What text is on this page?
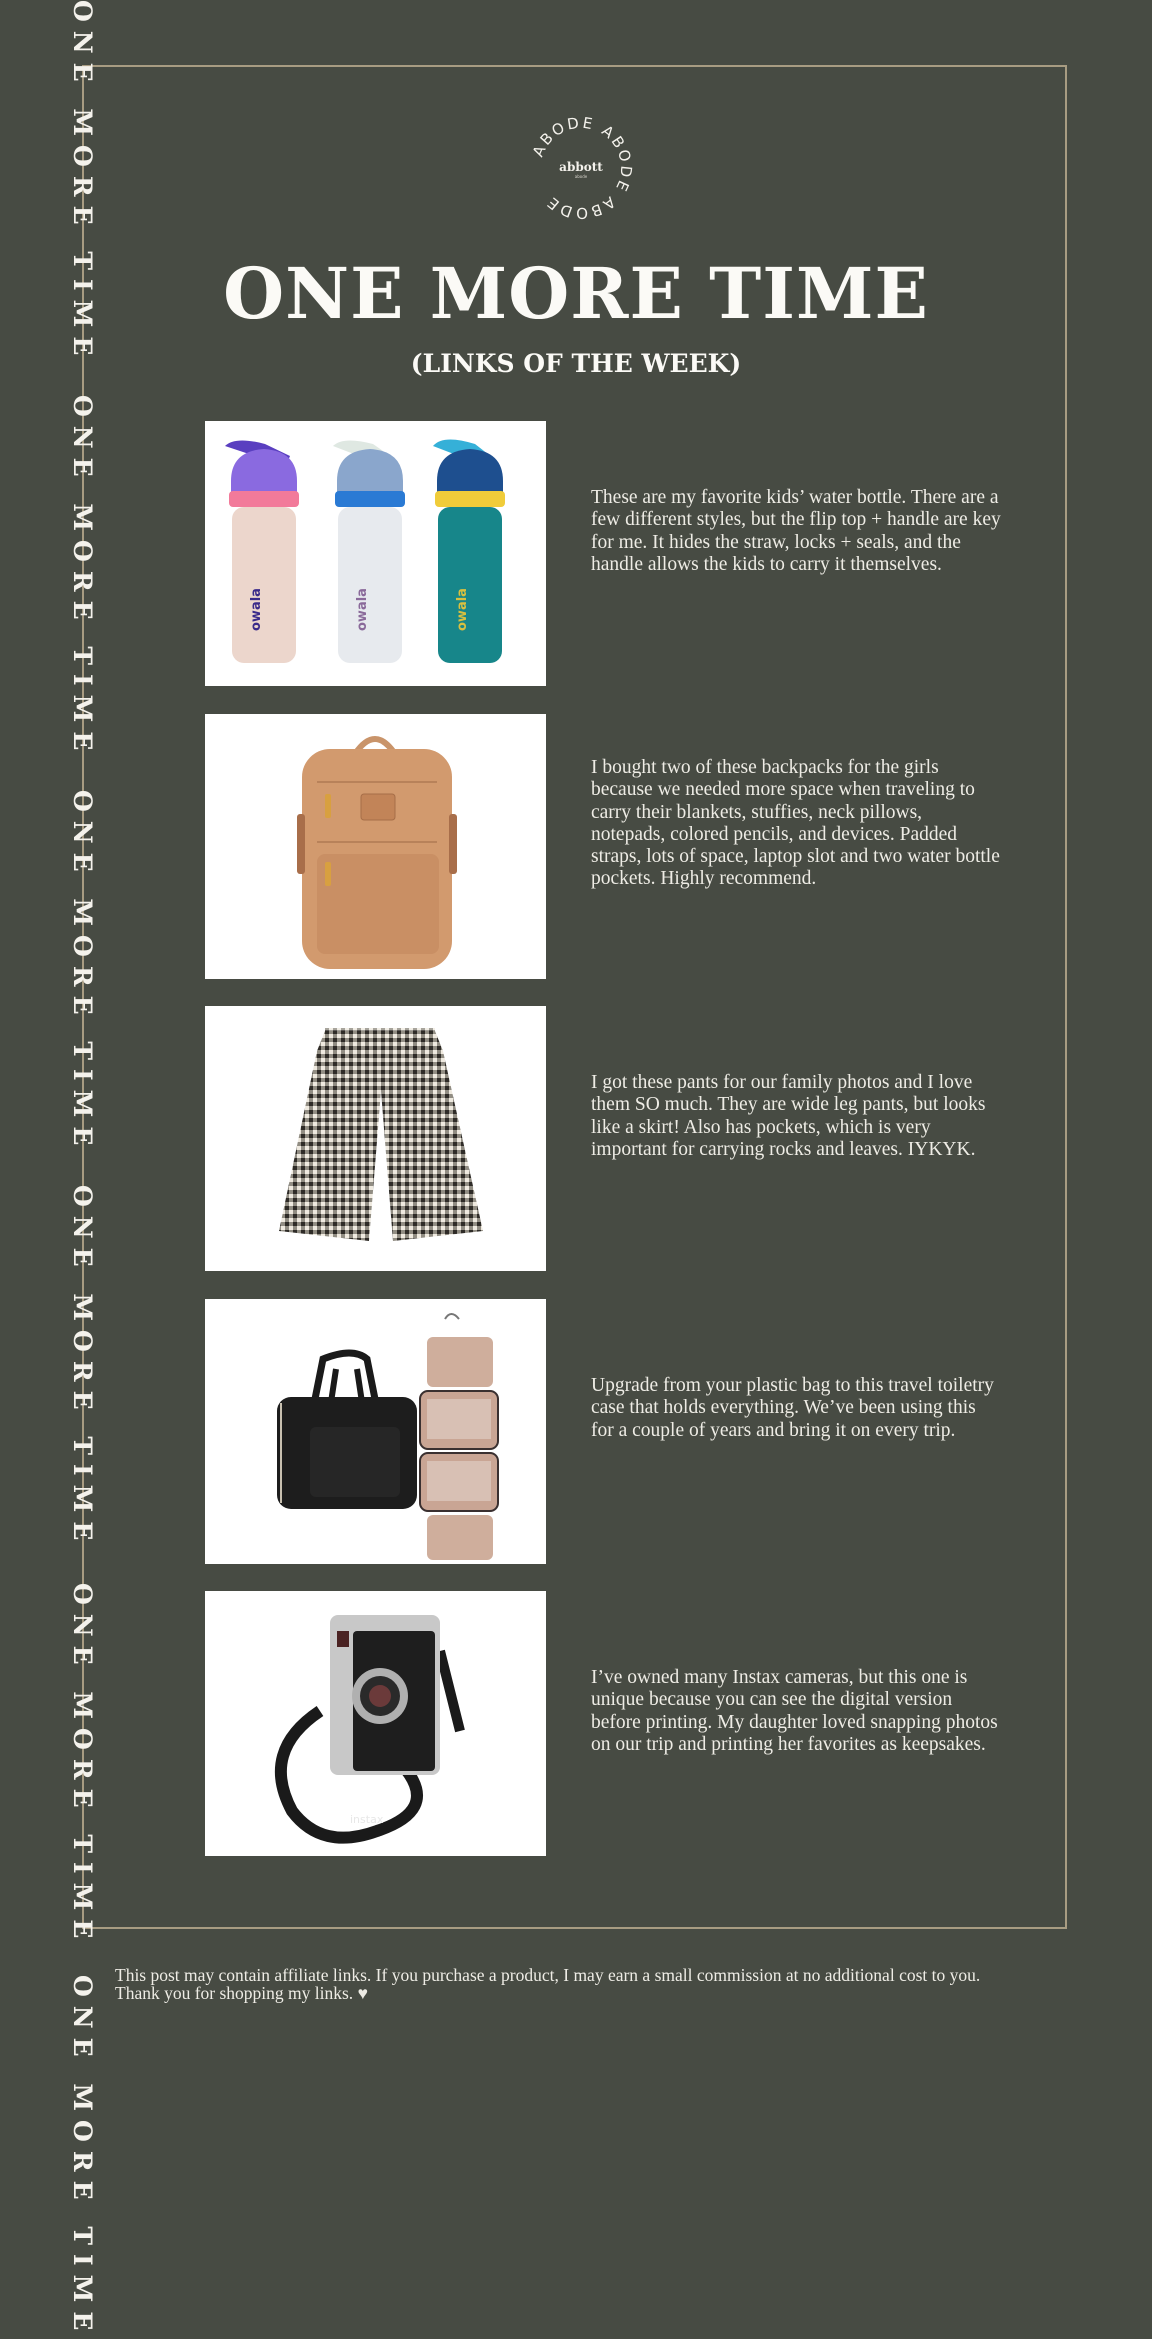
ONE MORE TIME
ONE MORE TIME
ONE MORE TIME
ONE MORE TIME
ONE MORE TIME
ONE MORE TIME
ABODE ABODE ABODE
abbott
abode
ONE MORE TIME
(LINKS OF THE WEEK)
owala	owala	owala
These are my favorite kids’ water bottle. There are a few different styles, but the flip top + handle are key for me. It hides the straw, locks + seals, and the handle allows the kids to carry it themselves.
I bought two of these backpacks for the girls because we needed more space when traveling to carry their blankets, stuffies, neck pillows, notepads, colored pencils, and devices. Padded straps, lots of space, laptop slot and two water bottle pockets. Highly recommend.
I got these pants for our family photos and I love them SO much. They are wide leg pants, but looks like a skirt! Also has pockets, which is very important for carrying rocks and leaves. IYKYK.
Upgrade from your plastic bag to this travel toiletry case that holds everything. We’ve been using this for a couple of years and bring it on every trip.
instax
I’ve owned many Instax cameras, but this one is unique because you can see the digital version before printing. My daughter loved snapping photos on our trip and printing her favorites as keepsakes.
This post may contain affiliate links. If you purchase a product, I may earn a small commission at no additional cost to you.
Thank you for shopping my links. ♥
